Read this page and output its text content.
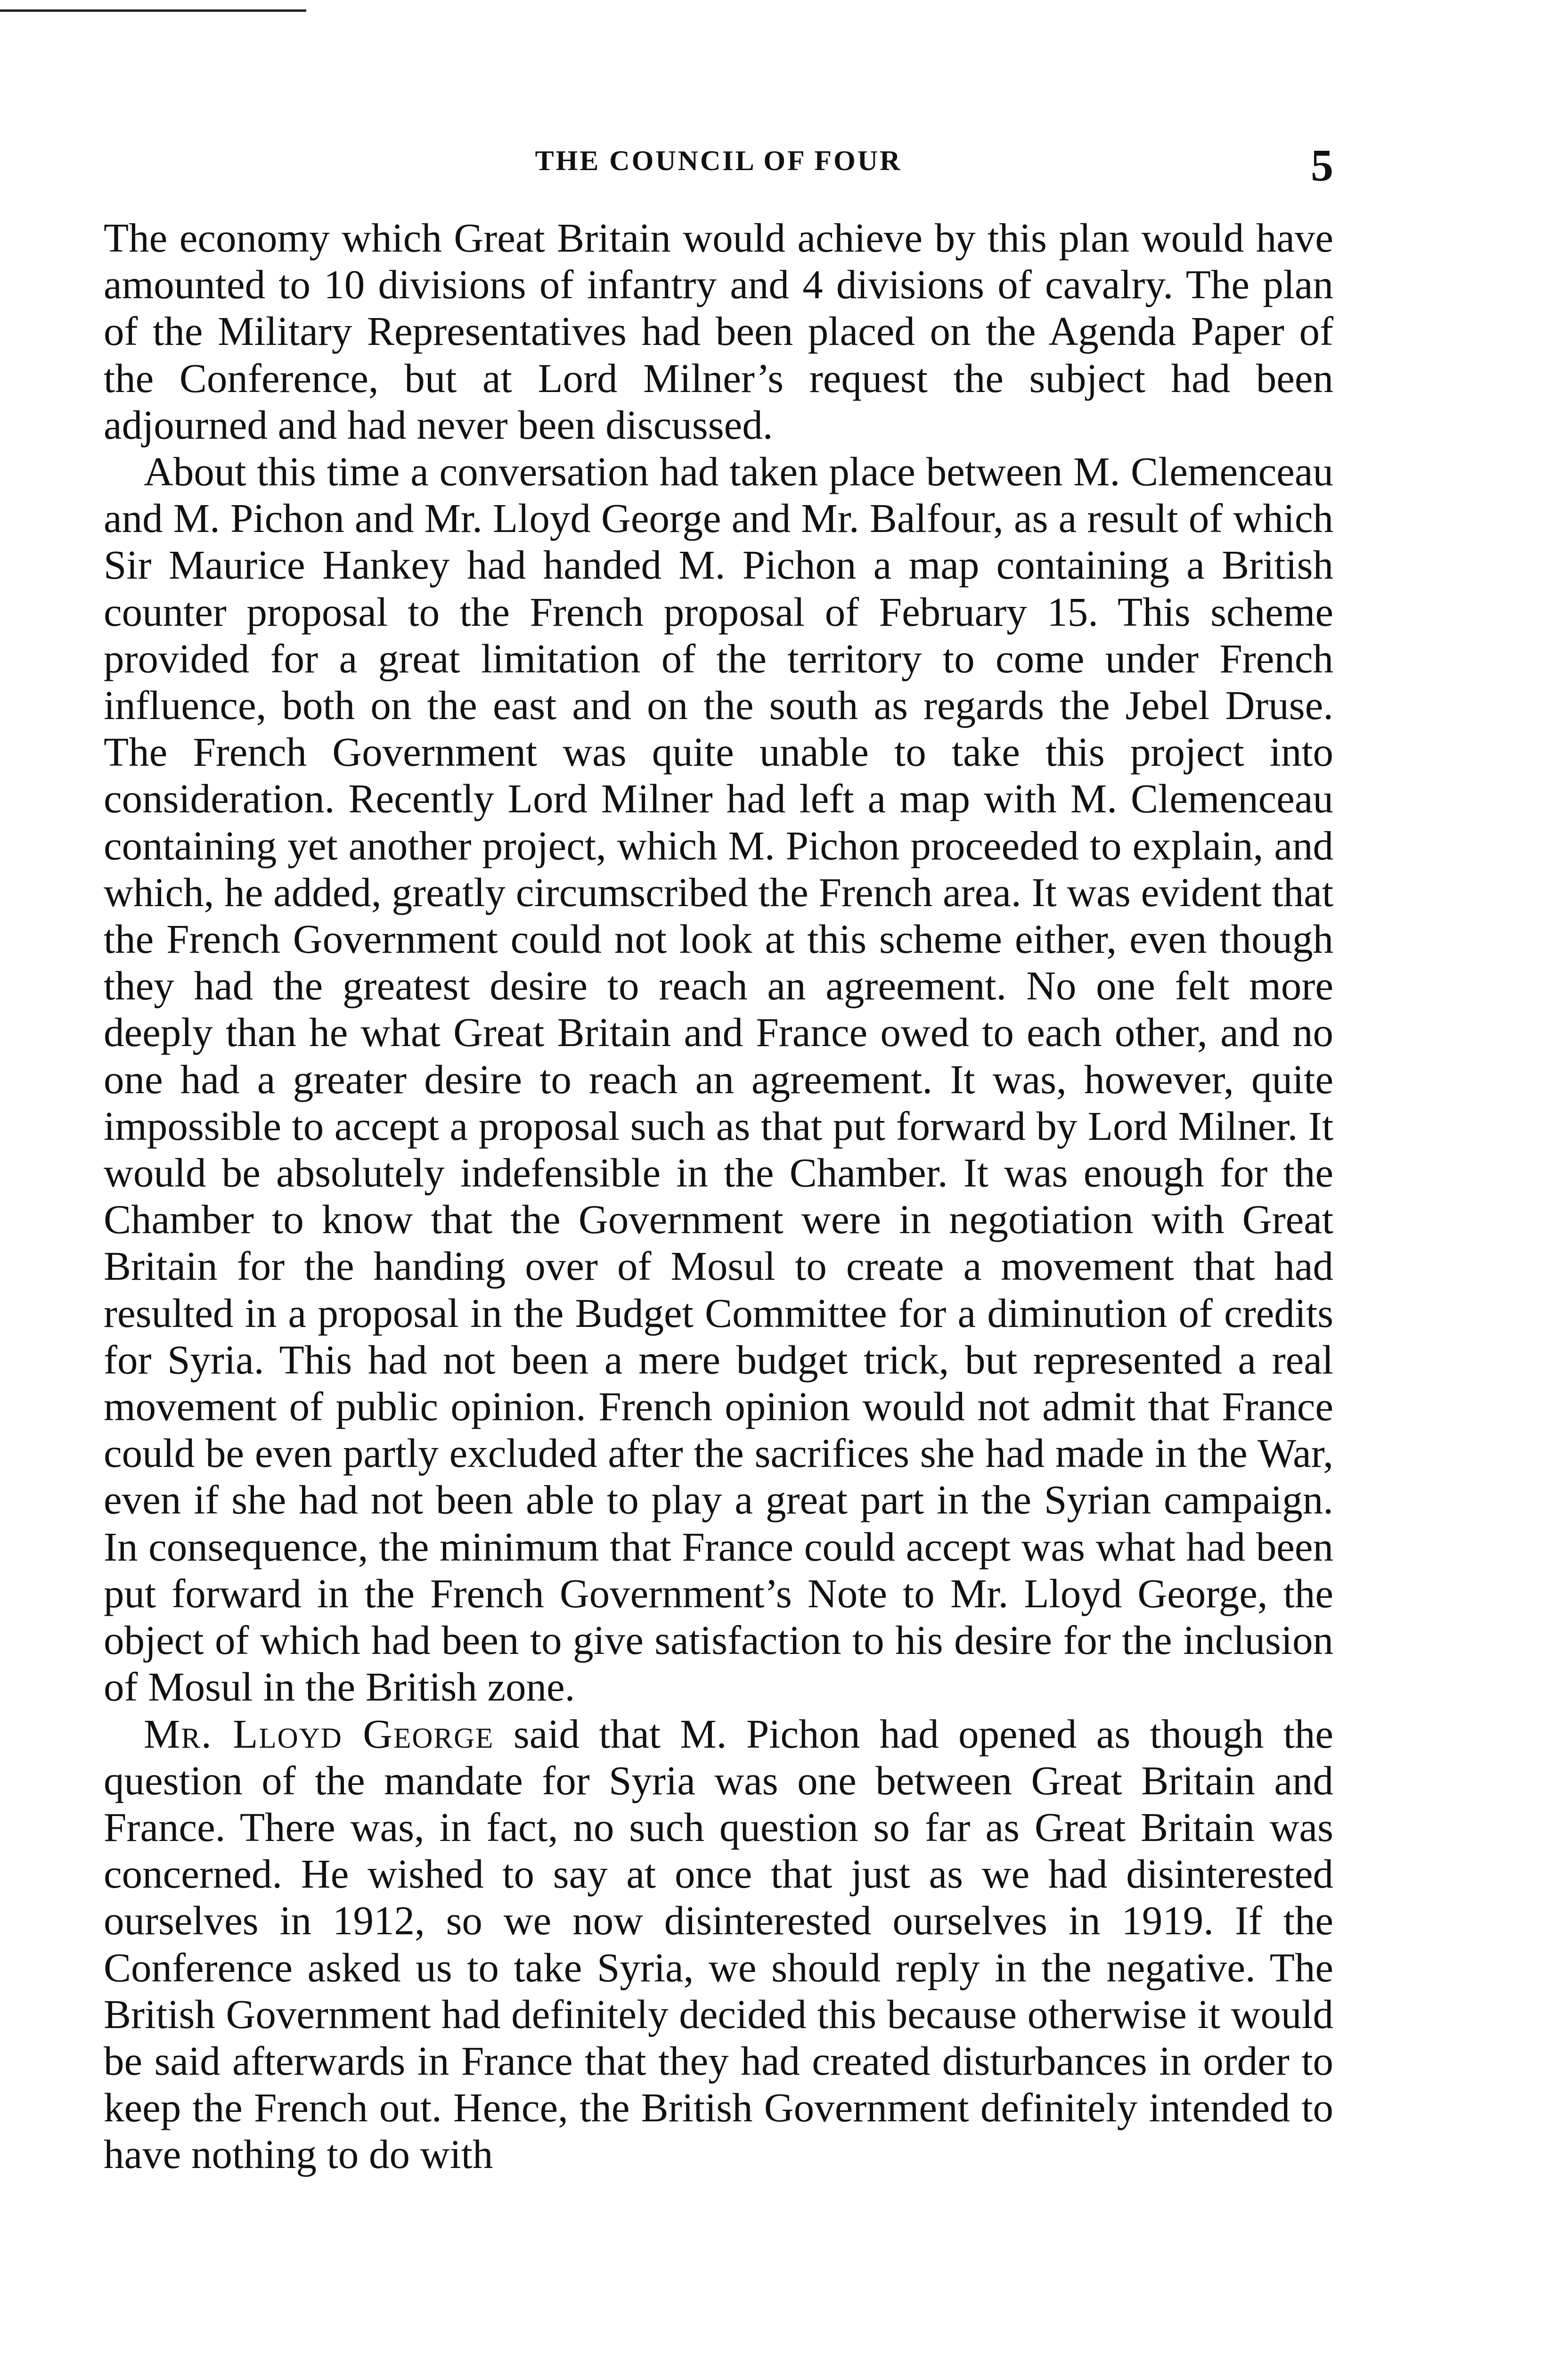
THE COUNCIL OF FOUR	5

The economy which Great Britain would achieve by this plan would have amounted to 10 divisions of infantry and 4 divisions of cavalry. The plan of the Military Representatives had been placed on the Agenda Paper of the Conference, but at Lord Milner’s request the subject had been adjourned and had never been discussed.

About this time a conversation had taken place between M. Clemenceau and M. Pichon and Mr. Lloyd George and Mr. Balfour, as a result of which Sir Maurice Hankey had handed M. Pichon a map containing a British counter proposal to the French proposal of February 15. This scheme provided for a great limitation of the territory to come under French influence, both on the east and on the south as regards the Jebel Druse. The French Government was quite unable to take this project into consideration. Recently Lord Milner had left a map with M. Clemenceau containing yet another project, which M. Pichon proceeded to explain, and which, he added, greatly circumscribed the French area. It was evident that the French Government could not look at this scheme either, even though they had the greatest desire to reach an agreement. No one felt more deeply than he what Great Britain and France owed to each other, and no one had a greater desire to reach an agreement. It was, however, quite impossible to accept a proposal such as that put forward by Lord Milner. It would be absolutely indefensible in the Chamber. It was enough for the Chamber to know that the Government were in negotiation with Great Britain for the handing over of Mosul to create a movement that had resulted in a proposal in the Budget Committee for a diminution of credits for Syria. This had not been a mere budget trick, but represented a real movement of public opinion. French opinion would not admit that France could be even partly excluded after the sacrifices she had made in the War, even if she had not been able to play a great part in the Syrian campaign. In consequence, the minimum that France could accept was what had been put forward in the French Government’s Note to Mr. Lloyd George, the object of which had been to give satisfaction to his desire for the inclusion of Mosul in the British zone.

Mr. Lloyd George said that M. Pichon had opened as though the question of the mandate for Syria was one between Great Britain and France. There was, in fact, no such question so far as Great Britain was concerned. He wished to say at once that just as we had disinterested ourselves in 1912, so we now disinterested ourselves in 1919. If the Conference asked us to take Syria, we should reply in the negative. The British Government had definitely decided this because otherwise it would be said afterwards in France that they had created disturbances in order to keep the French out. Hence, the British Government definitely intended to have nothing to do with
